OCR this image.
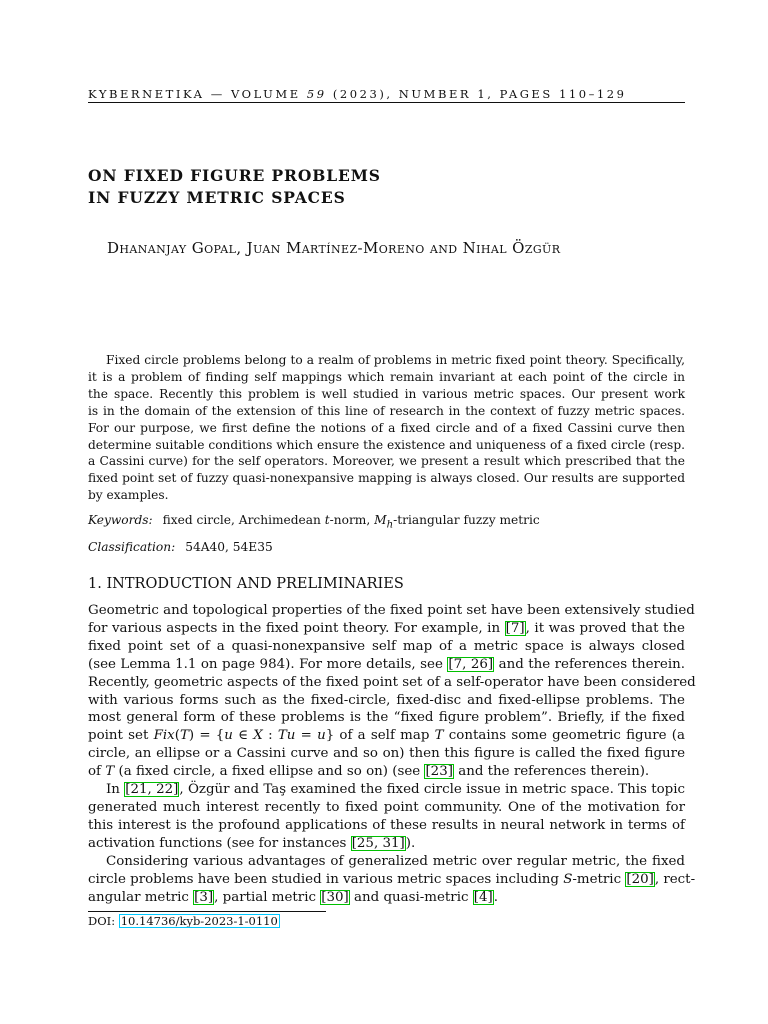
KYBERNETIKA — VOLUME 59 (2023), NUMBER 1, PAGES 110–129
ON FIXED FIGURE PROBLEMS
IN FUZZY METRIC SPACES
Dhananjay Gopal, Juan Martínez-Moreno and Nihal Özgür
Fixed circle problems belong to a realm of problems in metric fixed point theory. Specifically,
it is a problem of finding self mappings which remain invariant at each point of the circle in
the space. Recently this problem is well studied in various metric spaces. Our present work
is in the domain of the extension of this line of research in the context of fuzzy metric spaces.
For our purpose, we first define the notions of a fixed circle and of a fixed Cassini curve then
determine suitable conditions which ensure the existence and uniqueness of a fixed circle (resp.
a Cassini curve) for the self operators. Moreover, we present a result which prescribed that the
fixed point set of fuzzy quasi-nonexpansive mapping is always closed. Our results are supported
by examples.
Keywords: fixed circle, Archimedean t-norm, $M_h$-triangular fuzzy metric
Classification: 54A40, 54E35
1. INTRODUCTION AND PRELIMINARIES
Geometric and topological properties of the fixed point set have been extensively studied
for various aspects in the fixed point theory. For example, in [7], it was proved that the
fixed point set of a quasi-nonexpansive self map of a metric space is always closed
(see Lemma 1.1 on page 984). For more details, see [7, 26] and the references therein.
Recently, geometric aspects of the fixed point set of a self-operator have been considered
with various forms such as the fixed-circle, fixed-disc and fixed-ellipse problems. The
most general form of these problems is the “fixed figure problem”. Briefly, if the fixed
point set Fix(T) = {u ∈ X : Tu = u} of a self map T contains some geometric figure (a
circle, an ellipse or a Cassini curve and so on) then this figure is called the fixed figure
of T (a fixed circle, a fixed ellipse and so on) (see [23] and the references therein).
In [21, 22], Özgür and Taş examined the fixed circle issue in metric space. This topic
generated much interest recently to fixed point community. One of the motivation for
this interest is the profound applications of these results in neural network in terms of
activation functions (see for instances [25, 31]).
Considering various advantages of generalized metric over regular metric, the fixed
circle problems have been studied in various metric spaces including S-metric [20], rect-
angular metric [3], partial metric [30] and quasi-metric [4].
DOI: 10.14736/kyb-2023-1-0110
